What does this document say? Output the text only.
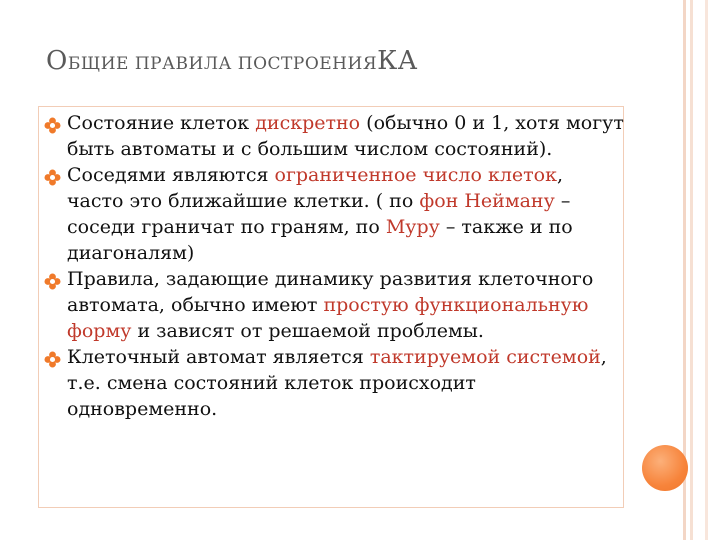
ОБЩИЕ ПРАВИЛА ПОСТРОЕНИЯКА
Состояние клеток дискретно (обычно 0 и 1, хотя могут быть автоматы и с большим числом состояний).
Соседями являются ограниченное число клеток, часто это ближайшие клетки. ( по фон Нейману – соседи граничат по граням, по Муру – также и по диагоналям)
Правила, задающие динамику развития клеточного автомата, обычно имеют простую функциональную форму и зависят от решаемой проблемы.
Клеточный автомат является тактируемой системой, т.е. смена состояний клеток происходит одновременно.
